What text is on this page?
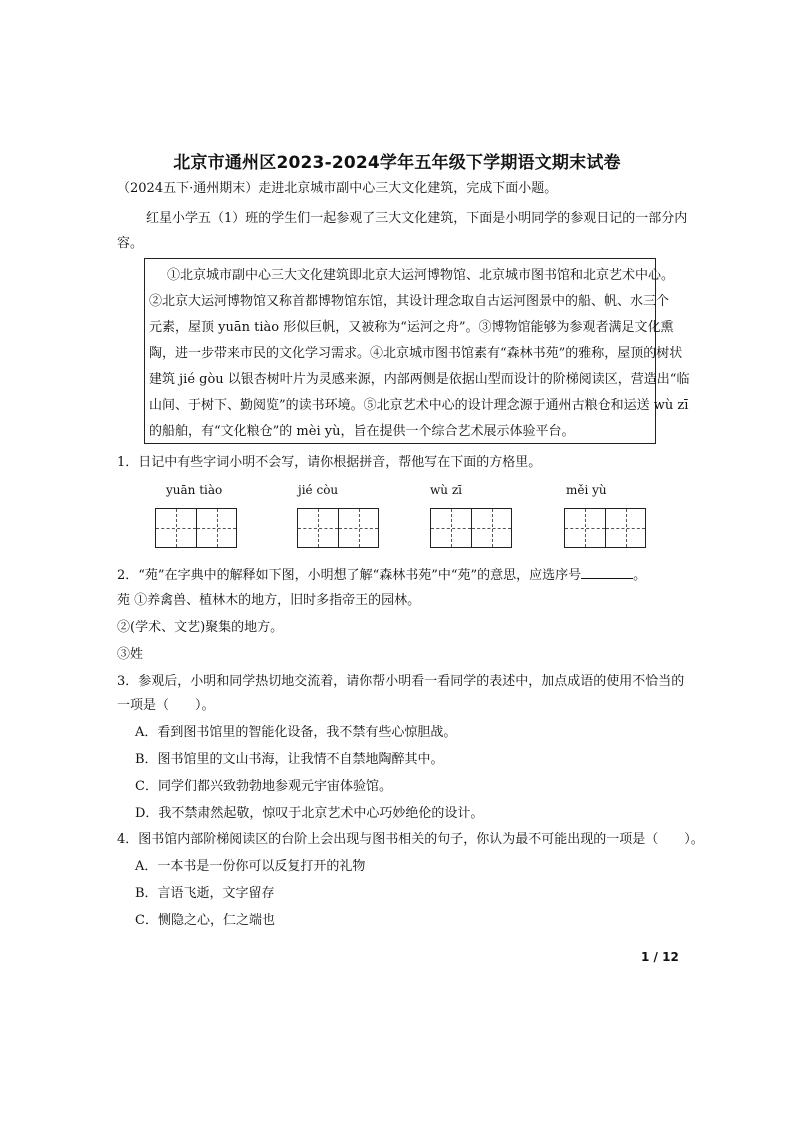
北京市通州区2023-2024学年五年级下学期语文期末试卷
（2024五下·通州期末）走进北京城市副中心三大文化建筑，完成下面小题。
红星小学五（1）班的学生们一起参观了三大文化建筑，下面是小明同学的参观日记的一部分内
容。
①北京城市副中心三大文化建筑即北京大运河博物馆、北京城市图书馆和北京艺术中心。
②北京大运河博物馆又称首都博物馆东馆，其设计理念取自古运河图景中的船、帆、水三个
元素，屋顶 yuān tiào 形似巨帆，又被称为“运河之舟”。③博物馆能够为参观者满足文化熏
陶，进一步带来市民的文化学习需求。④北京城市图书馆素有“森林书苑”的雅称，屋顶的树状
建筑 jié gòu 以银杏树叶片为灵感来源，内部两侧是依据山型而设计的阶梯阅读区，营造出“临
山间、于树下、勤阅览”的读书环境。⑤北京艺术中心的设计理念源于通州古粮仓和运送 wù zī
的船舶，有“文化粮仓”的 mèi yù，旨在提供一个综合艺术展示体验平台。
1．日记中有些字词小明不会写，请你根据拼音，帮他写在下面的方格里。
yuān tiào	jié còu	wù zī	měi yù
2．“苑”在字典中的解释如下图，小明想了解“森林书苑”中“苑”的意思，应选序号	。
苑 ①养禽兽、植林木的地方，旧时多指帝王的园林。
②(学术、文艺)聚集的地方。
③姓
3．参观后，小明和同学热切地交流着，请你帮小明看一看同学的表述中，加点成语的使用不恰当的
一项是（　　）。
A．看到图书馆里的智能化设备，我不禁有些心惊胆战。
B．图书馆里的文山书海，让我情不自禁地陶醉其中。
C．同学们都兴致勃勃地参观元宇宙体验馆。
D．我不禁肃然起敬，惊叹于北京艺术中心巧妙绝伦的设计。
4．图书馆内部阶梯阅读区的台阶上会出现与图书相关的句子，你认为最不可能出现的一项是（　　）。
A．一本书是一份你可以反复打开的礼物
B．言语飞逝，文字留存
C．恻隐之心，仁之端也
1 / 12
